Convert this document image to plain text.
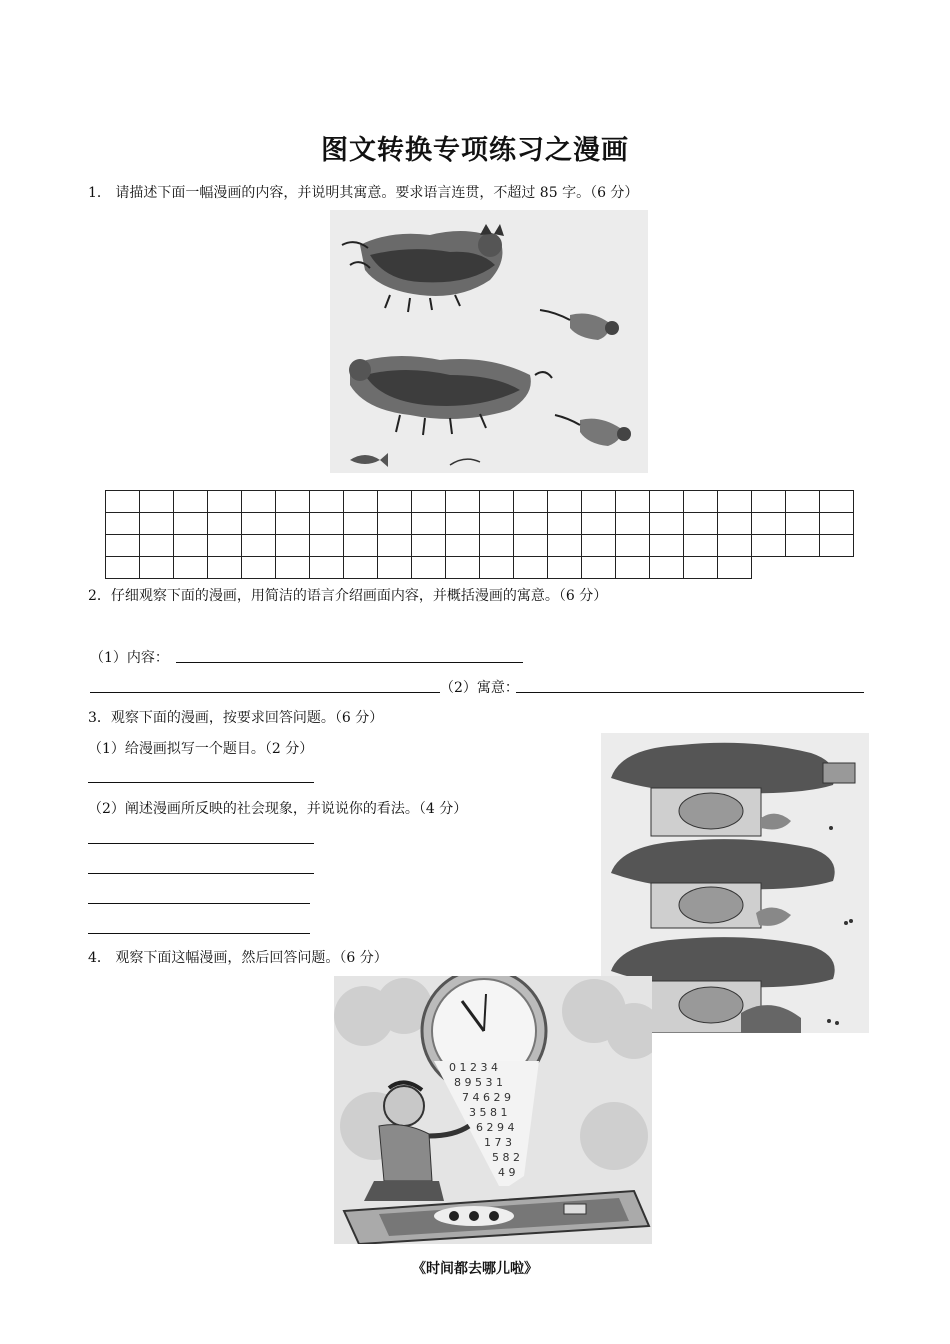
图文转换专项练习之漫画
1． 请描述下面一幅漫画的内容，并说明其寓意。要求语言连贯，不超过 85 字。（6 分）

2．仔细观察下面的漫画，用简洁的语言介绍画面内容，并概括漫画的寓意。（6 分）
（1）内容：
（2）寓意：
3．观察下面的漫画，按要求回答问题。（6 分）
（1）给漫画拟写一个题目。（2 分）
（2）阐述漫画所反映的社会现象，并说说你的看法。（4 分）
4． 观察下面这幅漫画，然后回答问题。（6 分）
0 1 2 3 4
8 9 5 3 1
7 4 6 2 9
3 5 8 1
6 2 9 4
1 7 3
5 8 2
4 9
《时间都去哪儿啦》
